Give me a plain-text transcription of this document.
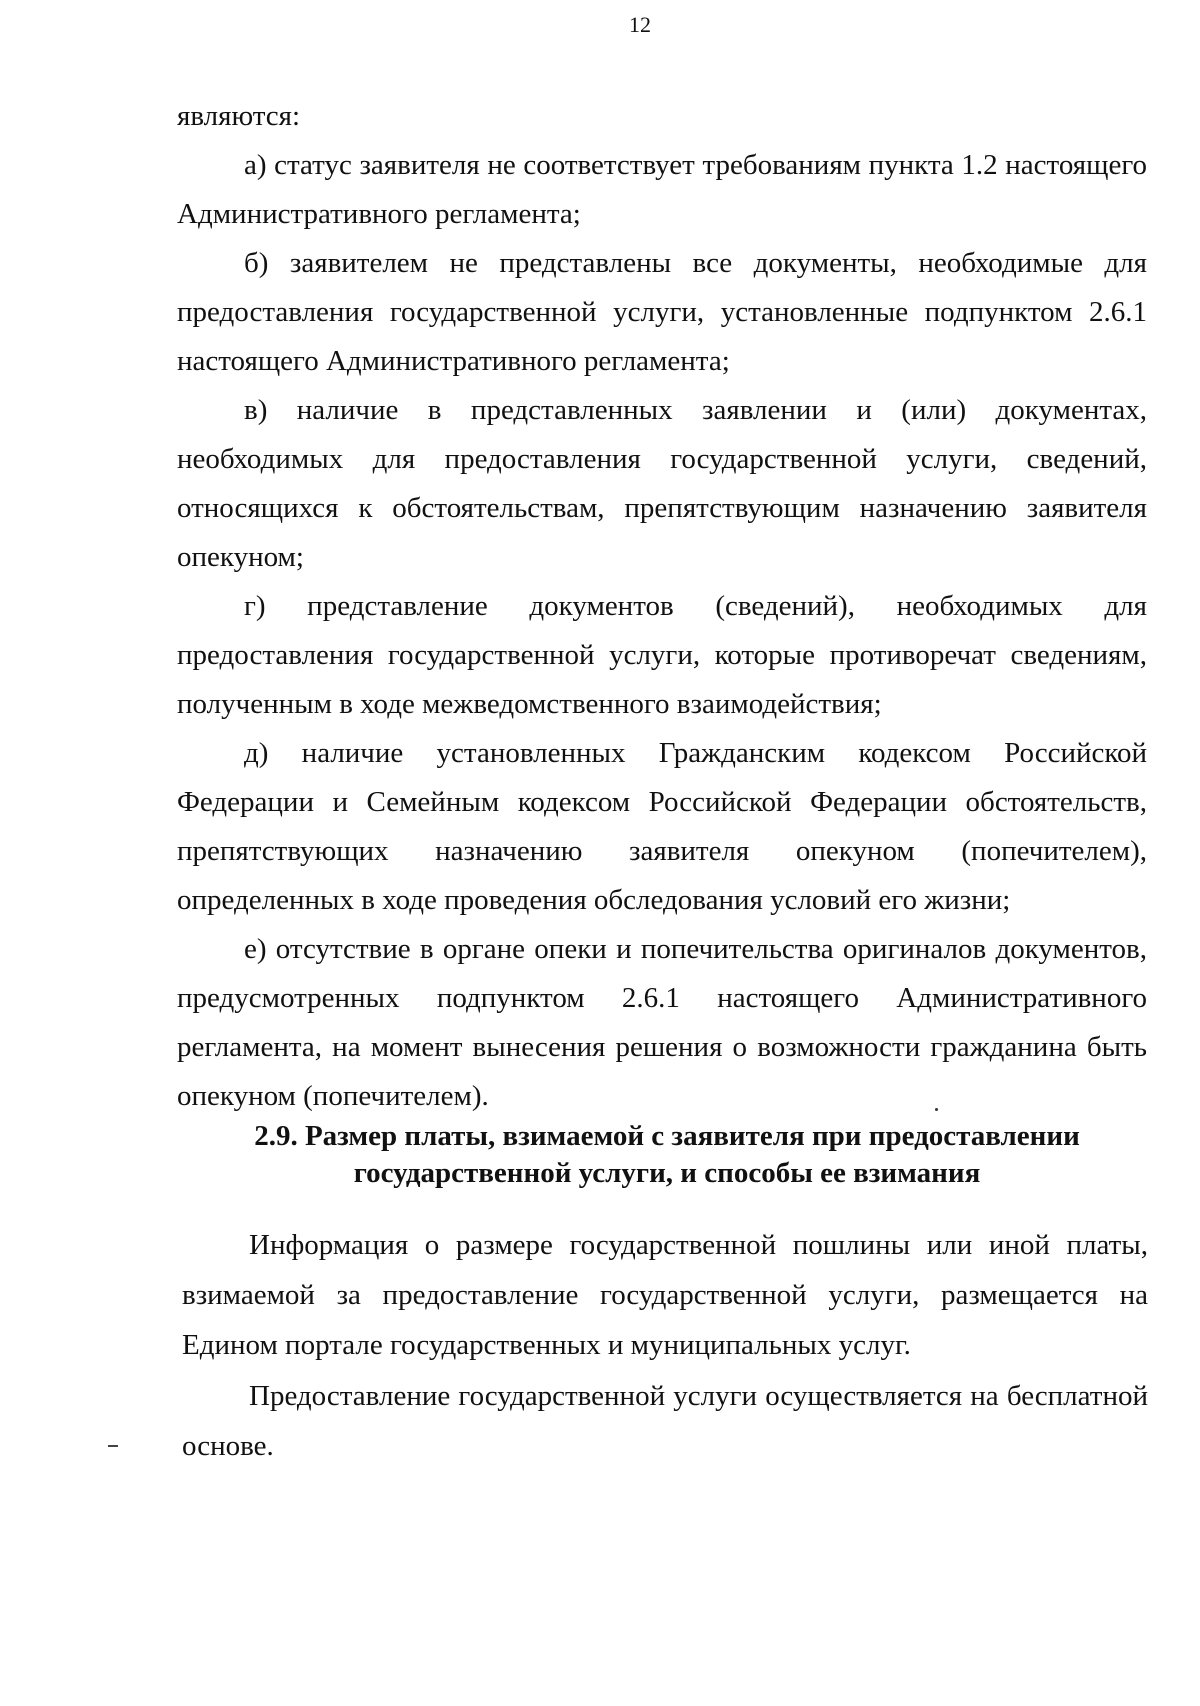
12

являются:

а) статус заявителя не соответствует требованиям пункта 1.2 настоящего Административного регламента;

б) заявителем не представлены все документы, необходимые для предоставления государственной услуги, установленные подпунктом 2.6.1 настоящего Административного регламента;

в) наличие в представленных заявлении и (или) документах, необходимых для предоставления государственной услуги, сведений, относящихся к обстоятельствам, препятствующим назначению заявителя опекуном;

г) представление документов (сведений), необходимых для предоставления государственной услуги, которые противоречат сведениям, полученным в ходе межведомственного взаимодействия;

д) наличие установленных Гражданским кодексом Российской Федерации и Семейным кодексом Российской Федерации обстоятельств, препятствующих назначению заявителя опекуном (попечителем), определенных в ходе проведения обследования условий его жизни;

е) отсутствие в органе опеки и попечительства оригиналов документов, предусмотренных подпунктом 2.6.1 настоящего Административного регламента, на момент вынесения решения о возможности гражданина быть опекуном (попечителем).

2.9. Размер платы, взимаемой с заявителя при предоставлении
государственной услуги, и способы ее взимания

Информация о размере государственной пошлины или иной платы, взимаемой за предоставление государственной услуги, размещается на Едином портале государственных и муниципальных услуг.

Предоставление государственной услуги осуществляется на бесплатной основе.
